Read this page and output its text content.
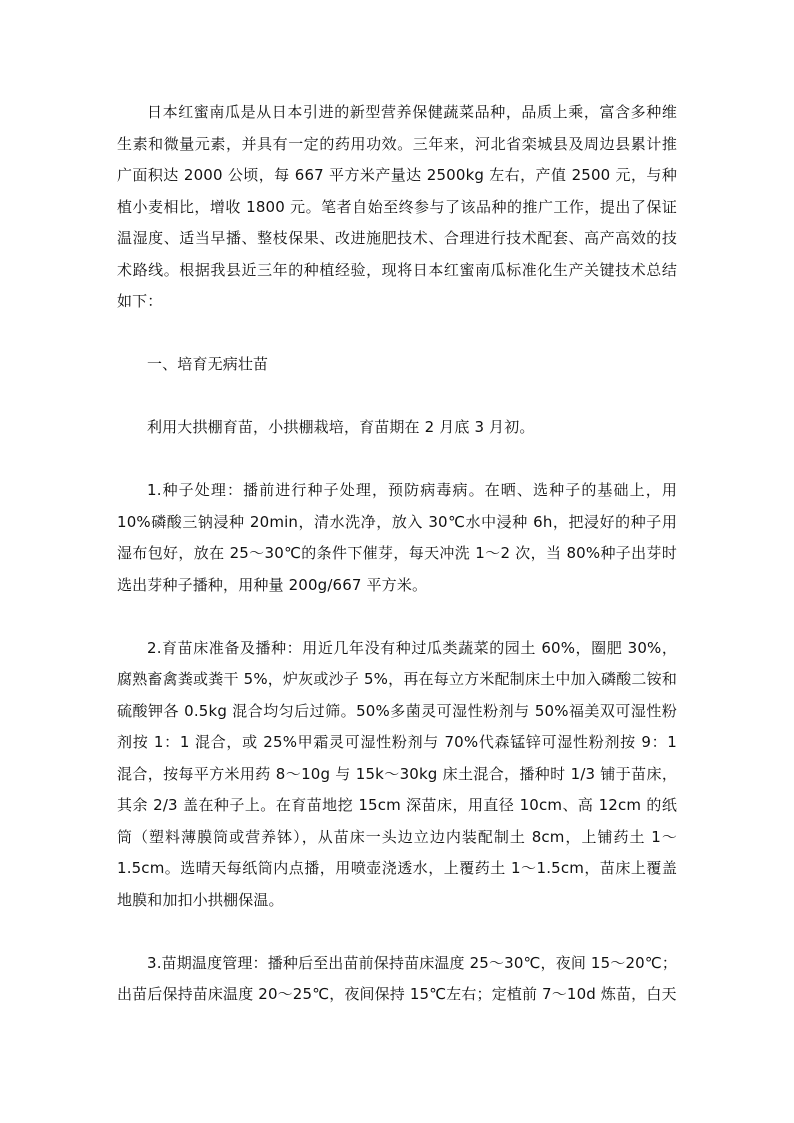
日本红蜜南瓜是从日本引进的新型营养保健蔬菜品种，品质上乘，富含多种维生素和微量元素，并具有一定的药用功效。三年来，河北省栾城县及周边县累计推广面积达 2000 公顷，每 667 平方米产量达 2500kg 左右，产值 2500 元，与种植小麦相比，增收 1800 元。笔者自始至终参与了该品种的推广工作，提出了保证温湿度、适当早播、整枝保果、改进施肥技术、合理进行技术配套、高产高效的技术路线。根据我县近三年的种植经验，现将日本红蜜南瓜标准化生产关键技术总结如下：

一、培育无病壮苗

利用大拱棚育苗，小拱棚栽培，育苗期在 2 月底 3 月初。

1.种子处理：播前进行种子处理，预防病毒病。在晒、选种子的基础上，用 10%磷酸三钠浸种 20min，清水洗净，放入 30℃水中浸种 6h，把浸好的种子用湿布包好，放在 25～30℃的条件下催芽，每天冲洗 1～2 次，当 80%种子出芽时选出芽种子播种，用种量 200g/667 平方米。

2.育苗床准备及播种：用近几年没有种过瓜类蔬菜的园土 60%，圈肥 30%，腐熟畜禽粪或粪干 5%，炉灰或沙子 5%，再在每立方米配制床土中加入磷酸二铵和硫酸钾各 0.5kg 混合均匀后过筛。50%多菌灵可湿性粉剂与 50%福美双可湿性粉剂按 1：1 混合，或 25%甲霜灵可湿性粉剂与 70%代森锰锌可湿性粉剂按 9：1 混合，按每平方米用药 8～10g 与 15k～30kg 床土混合，播种时 1/3 铺于苗床，其余 2/3 盖在种子上。在育苗地挖 15cm 深苗床，用直径 10cm、高 12cm 的纸筒（塑料薄膜筒或营养钵），从苗床一头边立边内装配制土 8cm，上铺药土 1～1.5cm。选晴天每纸筒内点播，用喷壶浇透水，上覆药土 1～1.5cm，苗床上覆盖地膜和加扣小拱棚保温。

3.苗期温度管理：播种后至出苗前保持苗床温度 25～30℃，夜间 15～20℃；出苗后保持苗床温度 20～25℃，夜间保持 15℃左右；定植前 7～10d 炼苗，白天
